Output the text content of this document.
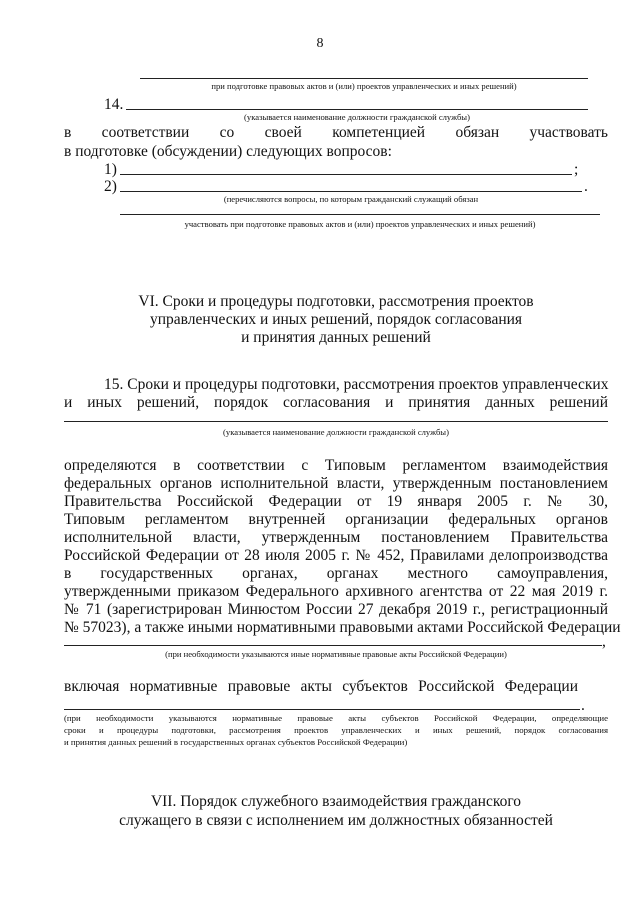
8
при подготовке правовых актов и (или) проектов управленческих и иных решений)
14.
(указывается наименование должности гражданской службы)
в соответствии со своей компетенцией обязан участвовать
в подготовке (обсуждении) следующих вопросов:
1)	;
2)	.
(перечисляются вопросы, по которым гражданский служащий обязан
участвовать при подготовке правовых актов и (или) проектов управленческих и иных решений)
VI. Сроки и процедуры подготовки, рассмотрения проектов
управленческих и иных решений, порядок согласования
и принятия данных решений
15. Сроки и процедуры подготовки, рассмотрения проектов управленческих
и иных решений, порядок согласования и принятия данных решений
(указывается наименование должности гражданской службы)
определяются в соответствии с Типовым регламентом взаимодействия
федеральных органов исполнительной власти, утвержденным постановлением
Правительства Российской Федерации от 19 января 2005 г. № 30,
Типовым регламентом внутренней организации федеральных органов
исполнительной власти, утвержденным постановлением Правительства
Российской Федерации от 28 июля 2005 г. № 452, Правилами делопроизводства
в государственных органах, органах местного самоуправления,
утвержденными приказом Федерального архивного агентства от 22 мая 2019 г.
№ 71 (зарегистрирован Минюстом России 27 декабря 2019 г., регистрационный
№ 57023), а также иными нормативными правовыми актами Российской Федерации
,
(при необходимости указываются иные нормативные правовые акты Российской Федерации)
включая нормативные правовые акты субъектов Российской Федерации
.
(при необходимости указываются нормативные правовые акты субъектов Российской Федерации, определяющие
сроки и процедуры подготовки, рассмотрения проектов управленческих и иных решений, порядок согласования
и принятия данных решений в государственных органах субъектов Российской Федерации)
VII. Порядок служебного взаимодействия гражданского
служащего в связи с исполнением им должностных обязанностей
